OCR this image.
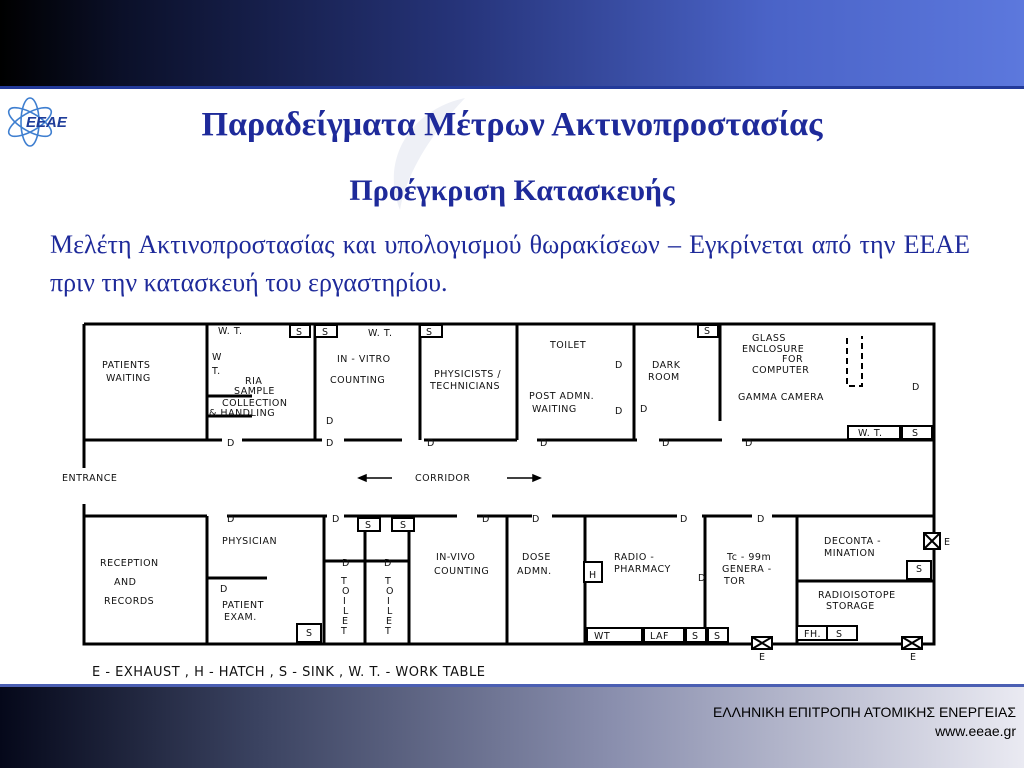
ΕΕΑΕ	Παραδείγματα Μέτρων Ακτινοπροστασίας
Προέγκριση Κατασκευής

Μελέτη Ακτινοπροστασίας και υπολογισμού θωρακίσεων – Εγκρίνεται από την ΕΕΑΕ πριν την κατασκευή του εργαστηρίου.

PATIENTS
WAITING
W. T.	S S
W
T.
RIA
SAMPLE
COLLECTION
& HANDLING
W. T.	S
IN - VITRO
COUNTING
PHYSICISTS /
TECHNICIANS
TOILET
POST ADMN.
WAITING
S
DARK
ROOM
GLASS
ENCLOSURE
FOR
COMPUTER
GAMMA CAMERA
W. T.	S
D
D
D	D	D
D
D D
D	D
D
ENTRANCE	CORRIDOR
D	D	D	D	D	D
D	D
D
D
S	S
S
S
RECEPTION
AND
RECORDS
PHYSICIAN
PATIENT
EXAM.
T
O
I
L
E
T
T
O
I
L
E
T
IN-VIVO
COUNTING
DOSE
ADMN.	H
RADIO -
PHARMACY
Tc - 99m
GENERA -
TOR
DECONTA -
MINATION
E
RADIOISOTOPE
STORAGE
WT	LAF S S	FH. S
E	E
E - EXHAUST , H - HATCH , S - SINK , W. T. - WORK TABLE
ΕΛΛΗΝΙΚΗ ΕΠΙΤΡΟΠΗ ΑΤΟΜΙΚΗΣ ΕΝΕΡΓΕΙΑΣ
www.eeae.gr
